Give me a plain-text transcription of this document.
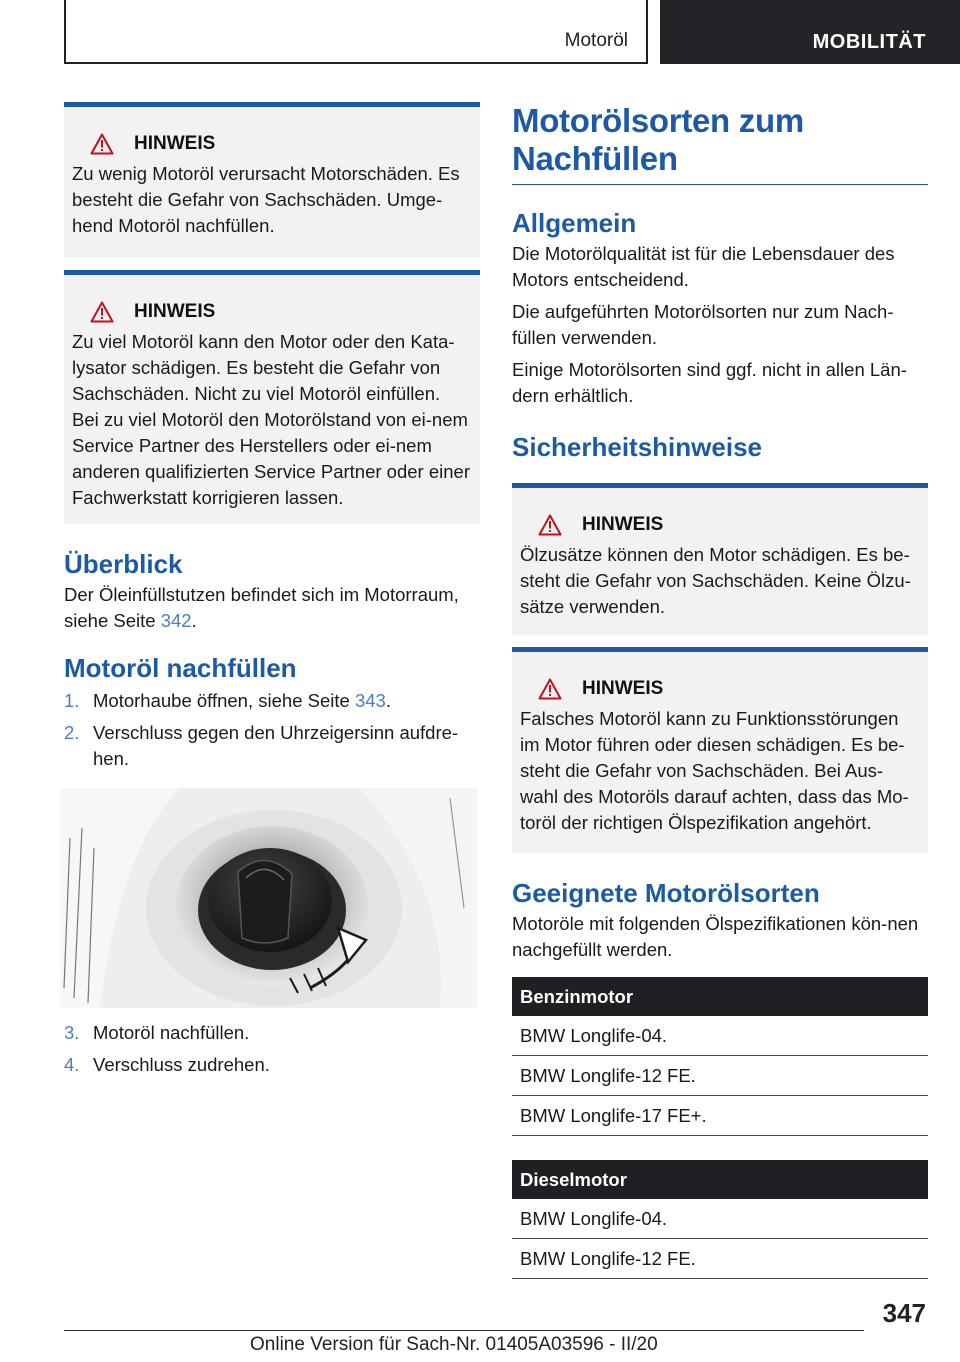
Motoröl	MOBILITÄT
HINWEIS
Zu wenig Motoröl verursacht Motorschäden. Es besteht die Gefahr von Sachschäden. Umge-hend Motoröl nachfüllen.
HINWEIS
Zu viel Motoröl kann den Motor oder den Kata-lysator schädigen. Es besteht die Gefahr von Sachschäden. Nicht zu viel Motoröl einfüllen. Bei zu viel Motoröl den Motorölstand von ei-nem Service Partner des Herstellers oder ei-nem anderen qualifizierten Service Partner oder einer Fachwerkstatt korrigieren lassen.
Überblick

Der Öleinfüllstutzen befindet sich im Motorraum, siehe Seite 342.

Motoröl nachfüllen
1. Motorhaube öffnen, siehe Seite 343.
2. Verschluss gegen den Uhrzeigersinn aufdre-hen.
3. Motoröl nachfüllen.
4. Verschluss zudrehen.
Motorölsorten zum Nachfüllen
Allgemein

Die Motorölqualität ist für die Lebensdauer des Motors entscheidend.

Die aufgeführten Motorölsorten nur zum Nach-füllen verwenden.

Einige Motorölsorten sind ggf. nicht in allen Län-dern erhältlich.

Sicherheitshinweise
HINWEIS
Ölzusätze können den Motor schädigen. Es be-steht die Gefahr von Sachschäden. Keine Ölzu-sätze verwenden.
HINWEIS
Falsches Motoröl kann zu Funktionsstörungen im Motor führen oder diesen schädigen. Es be-steht die Gefahr von Sachschäden. Bei Aus-wahl des Motoröls darauf achten, dass das Mo-toröl der richtigen Ölspezifikation angehört.
Geeignete Motorölsorten

Motoröle mit folgenden Ölspezifikationen kön-nen nachgefüllt werden.

Benzinmotor
BMW Longlife-04.
BMW Longlife-12 FE.
BMW Longlife-17 FE+.
Dieselmotor
BMW Longlife-04.
BMW Longlife-12 FE.
347
Online Version für Sach-Nr. 01405A03596 - II/20
